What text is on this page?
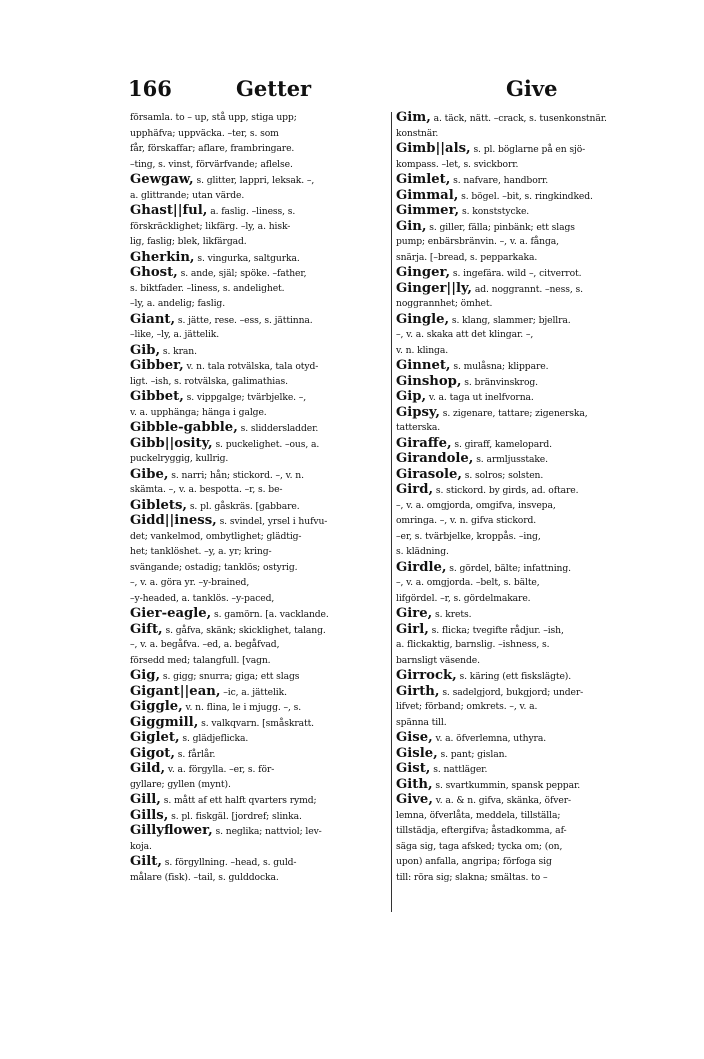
166	Getter	Give
församla. to – up, stå upp, stiga upp;
upphäfva; uppväcka. –ter, s. som
får, förskaffar; aflare, frambringare.
–ting, s. vinst, förvärfvande; aflelse.
Gewgaw, s. glitter, lappri, leksak. –,
a. glittrande; utan värde.
Ghast||ful, a. faslig. –liness, s.
förskräcklighet; likfärg. –ly, a. hisk-
lig, faslig; blek, likfärgad.
Gherkin, s. vingurka, saltgurka.
Ghost, s. ande, själ; spöke. –father,
s. biktfader. –liness, s. andelighet.
–ly, a. andelig; faslig.
Giant, s. jätte, rese. –ess, s. jättinna.
–like, –ly, a. jättelik.
Gib, s. kran.
Gibber, v. n. tala rotvälska, tala otyd-
ligt. –ish, s. rotvälska, galimathias.
Gibbet, s. vippgalge; tvärbjelke. –,
v. a. upphänga; hänga i galge.
Gibble-gabble, s. sliddersladder.
Gibb||osity, s. puckelighet. –ous, a.
puckelryggig, kullrig.
Gibe, s. narri; hån; stickord. –, v. n.
skämta. –, v. a. bespotta. –r, s. be-
Giblets, s. pl. gåskräs. [gabbare.
Gidd||iness, s. svindel, yrsel i hufvu-
det; vankelmod, ombytlighet; glädtig-
het; tanklöshet. –y, a. yr; kring-
svängande; ostadig; tanklös; ostyrig.
–, v. a. göra yr. –y-brained,
–y-headed, a. tanklös. –y-paced,
Gier-eagle, s. gamörn. [a. vacklande.
Gift, s. gåfva, skänk; skicklighet, talang.
–, v. a. begåfva. –ed, a. begåfvad,
försedd med; talangfull. [vagn.
Gig, s. gigg; snurra; giga; ett slags
Gigant||ean, –ic, a. jättelik.
Giggle, v. n. flina, le i mjugg. –, s.
Giggmill, s. valkqvarn. [småskratt.
Giglet, s. glädjeflicka.
Gigot, s. fårlår.
Gild, v. a. förgylla. –er, s. för-
gyllare; gyllen (mynt).
Gill, s. mått af ett halft qvarters rymd;
Gills, s. pl. fiskgäl. [jordref; slinka.
Gillyflower, s. neglika; nattviol; lev-
koja.
Gilt, s. förgyllning. –head, s. guld-
målare (fisk). –tail, s. gulddocka.
Gim, a. täck, nätt. –crack, s. tusenkonstnär.
konstnär.
Gimb||als, s. pl. böglarne på en sjö-
kompass. –let, s. svickborr.
Gimlet, s. nafvare, handborr.
Gimmal, s. bögel. –bit, s. ringkindked.
Gimmer, s. konststycke.
Gin, s. giller, fälla; pinbänk; ett slags
pump; enbärsbränvin. –, v. a. fånga,
snärja. [–bread, s. pepparkaka.
Ginger, s. ingefära. wild –, citverrot.
Ginger||ly, ad. noggrannt. –ness, s.
noggrannhet; ömhet.
Gingle, s. klang, slammer; bjellra.
–, v. a. skaka att det klingar. –,
v. n. klinga.
Ginnet, s. mulåsna; klippare.
Ginshop, s. bränvinskrog.
Gip, v. a. taga ut inelfvorna.
Gipsy, s. zigenare, tattare; zigenerska,
tatterska.
Giraffe, s. giraff, kamelopard.
Girandole, s. armljusstake.
Girasole, s. solros; solsten.
Gird, s. stickord. by girds, ad. oftare.
–, v. a. omgjorda, omgifva, insvepa,
omringa. –, v. n. gifva stickord.
–er, s. tvärbjelke, kroppås. –ing,
s. klädning.
Girdle, s. gördel, bälte; infattning.
–, v. a. omgjorda. –belt, s. bälte,
lifgördel. –r, s. gördelmakare.
Gire, s. krets.
Girl, s. flicka; tvegifte rådjur. –ish,
a. flickaktig, barnslig. –ishness, s.
barnsligt väsende.
Girrock, s. käring (ett fiskslägte).
Girth, s. sadelgjord, bukgjord; under-
lifvet; förband; omkrets. –, v. a.
spänna till.
Gise, v. a. öfverlemna, uthyra.
Gisle, s. pant; gislan.
Gist, s. nattläger.
Gith, s. svartkummin, spansk peppar.
Give, v. a. & n. gifva, skänka, öfver-
lemna, öfverlåta, meddela, tillställa;
tillstädja, eftergifva; åstadkomma, af-
säga sig, taga afsked; tycka om; (on,
upon) anfalla, angripa; förfoga sig
till: röra sig; slakna; smältas. to –
